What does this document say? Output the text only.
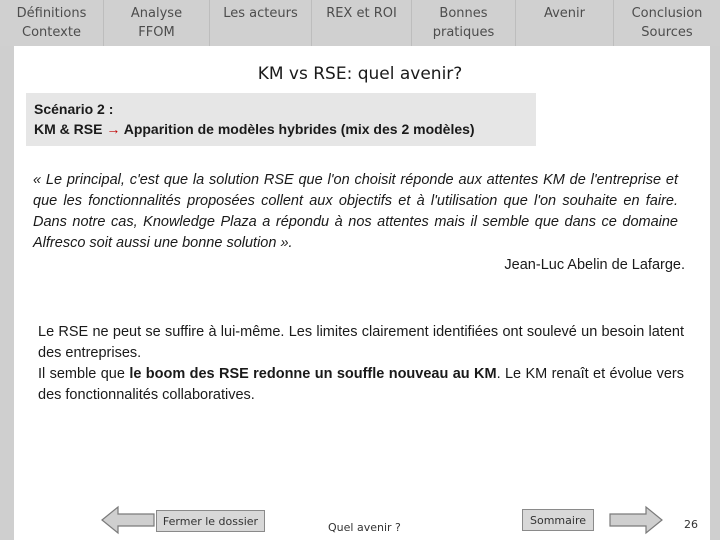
Définitions
Contexte
Analyse
FFOM
Les acteurs REX et ROI	Bonnes
pratiques
Avenir	Conclusion
Sources
KM vs RSE: quel avenir?
Scénario 2 :
KM & RSE → Apparition de modèles hybrides (mix des 2 modèles)
« Le principal, c'est que la solution RSE que l'on choisit réponde aux attentes KM de l'entreprise et que les fonctionnalités proposées collent aux objectifs et à l'utilisation que l'on souhaite en faire. Dans notre cas, Knowledge Plaza a répondu à nos attentes mais il semble que dans ce domaine Alfresco soit aussi une bonne solution ».
Jean-Luc Abelin de Lafarge.
Le RSE ne peut se suffire à lui-même. Les limites clairement identifiées ont soulevé un besoin latent des entreprises.
Il semble que le boom des RSE redonne un souffle nouveau au KM. Le KM renaît et évolue vers des fonctionnalités collaboratives.
Fermer le dossier	Quel avenir ?
Sommaire	26
